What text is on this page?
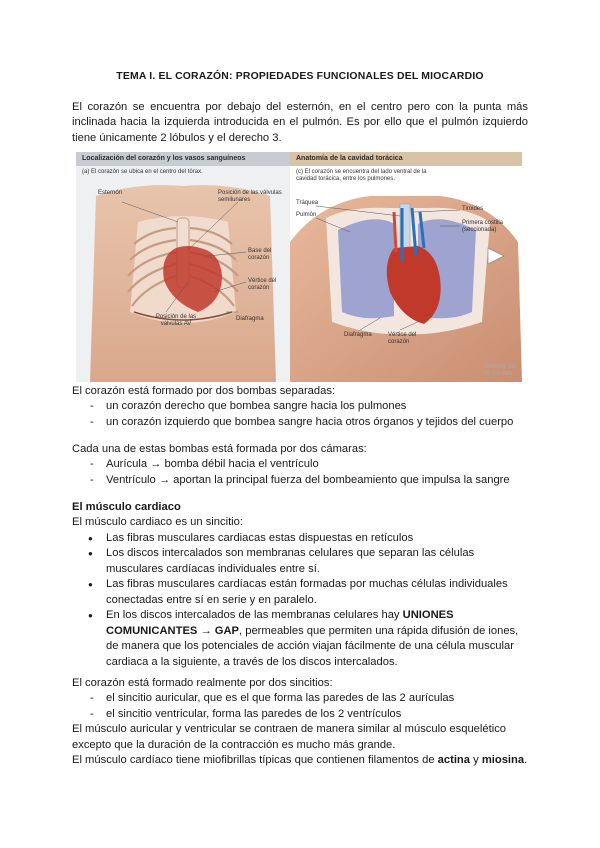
TEMA I. EL CORAZÓN: PROPIEDADES FUNCIONALES DEL MIOCARDIO

El corazón se encuentra por debajo del esternón, en el centro pero con la punta más inclinada hacia la izquierda introducida en el pulmón. Es por ello que el pulmón izquierdo tiene únicamente 2 lóbulos y el derecho 3.

Localización del corazón y los vasos sanguíneos
(a) El corazón se ubica en el centro del tórax.
Esternón	Posición de las válvulas semilunares
Base del corazón
Vértice del corazón
Posición de las válvulas AV
Diafragma
Anatomía de la cavidad torácica
(c) El corazón se encuentra del lado ventral de la cavidad torácica, entre los pulmones.
Tráquea
Pulmón
Tiroides
Primera costilla (seccionada)
Diafragma	Vértice del corazón
Anthony Val W. Gerbes

El corazón está formado por dos bombas separadas:

- un corazón derecho que bombea sangre hacia los pulmones
- un corazón izquierdo que bombea sangre hacia otros órganos y tejidos del cuerpo

Cada una de estas bombas está formada por dos cámaras:

- Aurícula → bomba débil hacia el ventrículo
- Ventrículo → aportan la principal fuerza del bombeamiento que impulsa la sangre

El músculo cardiaco

El músculo cardiaco es un sincitio:

● Las fibras musculares cardiacas estas dispuestas en retículos
● Los discos intercalados son membranas celulares que separan las células musculares cardíacas individuales entre sí.
● Las fibras musculares cardíacas están formadas por muchas células individuales conectadas entre sí en serie y en paralelo.
● En los discos intercalados de las membranas celulares hay UNIONES COMUNICANTES → GAP, permeables que permiten una rápida difusión de iones, de manera que los potenciales de acción viajan fácilmente de una célula muscular cardiaca a la siguiente, a través de los discos intercalados.

El corazón está formado realmente por dos sincitios:

- el sincitio auricular, que es el que forma las paredes de las 2 aurículas
- el sincitio ventricular, forma las paredes de los 2 ventrículos

El músculo auricular y ventricular se contraen de manera similar al músculo esquelético excepto que la duración de la contracción es mucho más grande.

El músculo cardíaco tiene miofibrillas típicas que contienen filamentos de actina y miosina.
